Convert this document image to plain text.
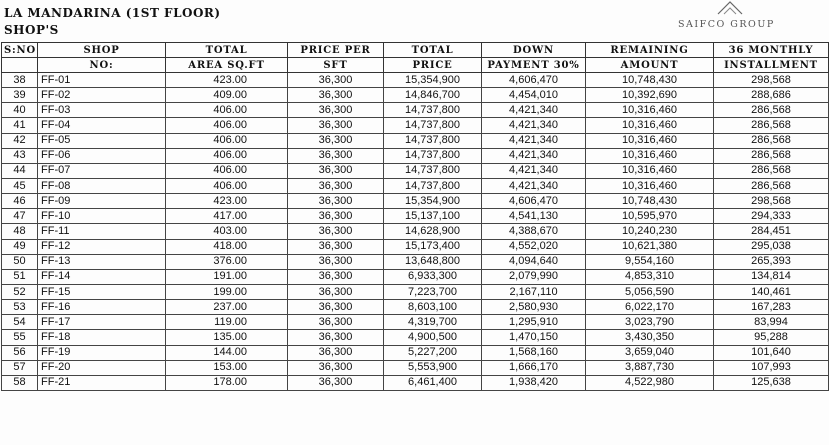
LA MANDARINA (1ST FLOOR)
SHOP'S	SAIFCO GROUP
S:NO	SHOP	TOTAL	PRICE PER	TOTAL	DOWN	REMAINING	36 MONTHLY
	NO:	AREA SQ.FT	SFT	PRICE	PAYMENT 30%	AMOUNT	INSTALLMENT
38	FF-01	423.00	36,300	15,354,900	4,606,470	10,748,430	298,568
39	FF-02	409.00	36,300	14,846,700	4,454,010	10,392,690	288,686
40	FF-03	406.00	36,300	14,737,800	4,421,340	10,316,460	286,568
41	FF-04	406.00	36,300	14,737,800	4,421,340	10,316,460	286,568
42	FF-05	406.00	36,300	14,737,800	4,421,340	10,316,460	286,568
43	FF-06	406.00	36,300	14,737,800	4,421,340	10,316,460	286,568
44	FF-07	406.00	36,300	14,737,800	4,421,340	10,316,460	286,568
45	FF-08	406.00	36,300	14,737,800	4,421,340	10,316,460	286,568
46	FF-09	423.00	36,300	15,354,900	4,606,470	10,748,430	298,568
47	FF-10	417.00	36,300	15,137,100	4,541,130	10,595,970	294,333
48	FF-11	403.00	36,300	14,628,900	4,388,670	10,240,230	284,451
49	FF-12	418.00	36,300	15,173,400	4,552,020	10,621,380	295,038
50	FF-13	376.00	36,300	13,648,800	4,094,640	9,554,160	265,393
51	FF-14	191.00	36,300	6,933,300	2,079,990	4,853,310	134,814
52	FF-15	199.00	36,300	7,223,700	2,167,110	5,056,590	140,461
53	FF-16	237.00	36,300	8,603,100	2,580,930	6,022,170	167,283
54	FF-17	119.00	36,300	4,319,700	1,295,910	3,023,790	83,994
55	FF-18	135.00	36,300	4,900,500	1,470,150	3,430,350	95,288
56	FF-19	144.00	36,300	5,227,200	1,568,160	3,659,040	101,640
57	FF-20	153.00	36,300	5,553,900	1,666,170	3,887,730	107,993
58	FF-21	178.00	36,300	6,461,400	1,938,420	4,522,980	125,638
